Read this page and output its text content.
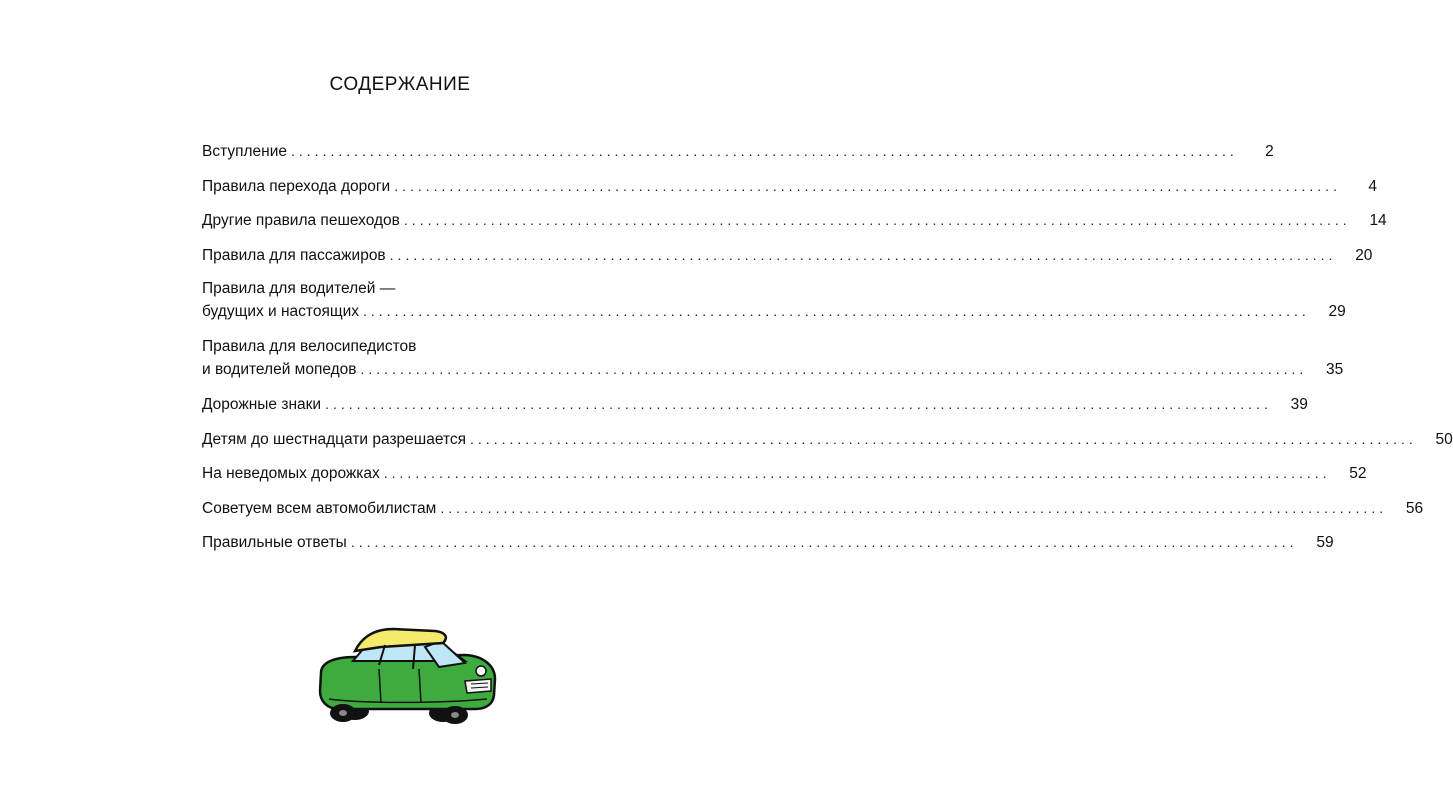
СОДЕРЖАНИЕ
Вступление ........................................................................................................................	2
Правила перехода дороги ........................................................................................................................	4
Другие правила пешеходов ........................................................................................................................	14
Правила для пассажиров ........................................................................................................................	20
Правила для водителей —
будущих и настоящих ........................................................................................................................	29
Правила для велосипедистов
и водителей мопедов ........................................................................................................................	35
Дорожные знаки ........................................................................................................................	39
Детям до шестнадцати разрешается ........................................................................................................................	50
На неведомых дорожках ........................................................................................................................	52
Советуем всем автомобилистам ........................................................................................................................	56
Правильные ответы ........................................................................................................................	59
